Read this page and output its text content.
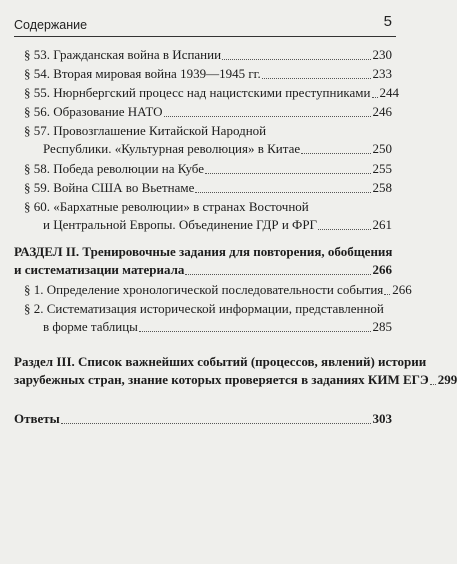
Содержание	5
§ 53. Гражданская война в Испании	230
§ 54. Вторая мировая война 1939—1945 гг.	233
§ 55. Нюрнбергский процесс над нацистскими преступниками 244
§ 56. Образование НАТО	246
§ 57. Провозглашение Китайской Народной
Республики. «Культурная революция» в Китае	250
§ 58. Победа революции на Кубе	255
§ 59. Война США во Вьетнаме	258
§ 60. «Бархатные революции» в странах Восточной
и Центральной Европы. Объединение ГДР и ФРГ	261
РАЗДЕЛ II. Тренировочные задания для повторения, обобщения
и систематизации материала	266
§ 1. Определение хронологической последовательности события 266
§ 2. Систематизация исторической информации, представленной
в форме таблицы	285
Раздел III. Список важнейших событий (процессов, явлений) истории
зарубежных стран, знание которых проверяется в заданиях КИМ ЕГЭ 299
Ответы	303
